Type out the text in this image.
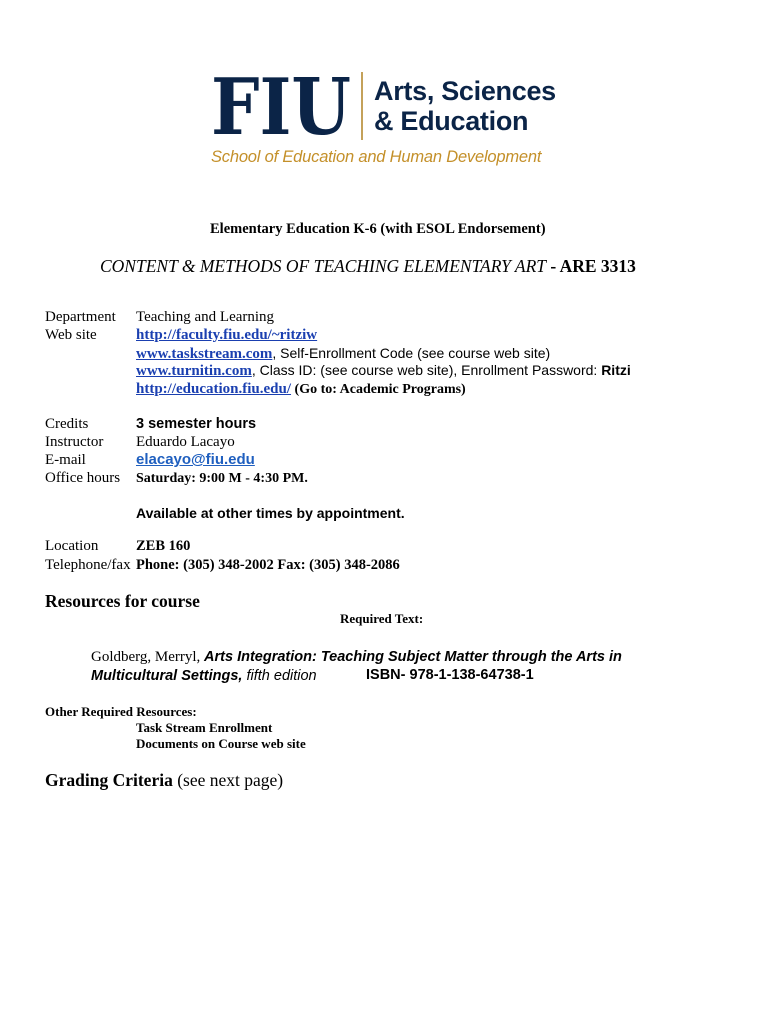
FIU Arts, Sciences
& Education
School of Education and Human Development
Elementary Education K-6 (with ESOL Endorsement)
CONTENT & METHODS OF TEACHING ELEMENTARY ART - ARE 3313
Department Teaching and Learning
Web site	http://faculty.fiu.edu/~ritziw
www.taskstream.com, Self-Enrollment Code (see course web site)
www.turnitin.com, Class ID: (see course web site), Enrollment Password: Ritzi
http://education.fiu.edu/ (Go to: Academic Programs)
Credits	3 semester hours
Instructor Eduardo Lacayo
E-mail	elacayo@fiu.edu
Office hours Saturday: 9:00 M - 4:30 PM.
Available at other times by appointment.
Location	ZEB 160
Telephone/fax Phone: (305) 348-2002 Fax: (305) 348-2086
Resources for course
Required Text:
Goldberg, Merryl, Arts Integration: Teaching Subject Matter through the Arts in
Multicultural Settings, fifth edition	ISBN- 978-1-138-64738-1
Other Required Resources:
Task Stream Enrollment
Documents on Course web site
Grading Criteria (see next page)
